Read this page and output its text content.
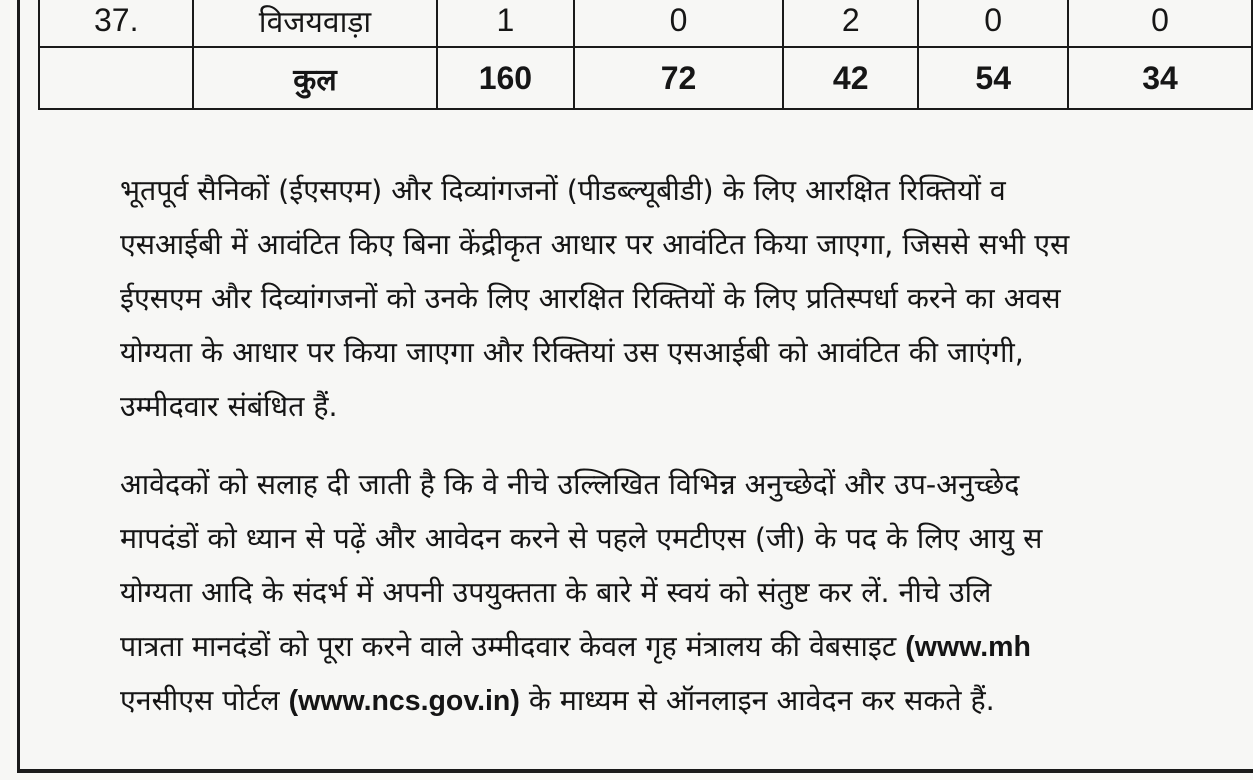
37.	विजयवाड़ा	1	0	2	0	0
	कुल	160	72	42	54	34
भूतपूर्व सैनिकों (ईएसएम) और दिव्यांगजनों (पीडब्ल्यूबीडी) के लिए आरक्षित रिक्तियों व
एसआईबी में आवंटित किए बिना केंद्रीकृत आधार पर आवंटित किया जाएगा, जिससे सभी एस
ईएसएम और दिव्यांगजनों को उनके लिए आरक्षित रिक्तियों के लिए प्रतिस्पर्धा करने का अवस
योग्यता के आधार पर किया जाएगा और रिक्तियां उस एसआईबी को आवंटित की जाएंगी,
उम्मीदवार संबंधित हैं.
आवेदकों को सलाह दी जाती है कि वे नीचे उल्लिखित विभिन्न अनुच्छेदों और उप-अनुच्छेद
मापदंडों को ध्यान से पढ़ें और आवेदन करने से पहले एमटीएस (जी) के पद के लिए आयु स
योग्यता आदि के संदर्भ में अपनी उपयुक्तता के बारे में स्वयं को संतुष्ट कर लें. नीचे उलि
पात्रता मानदंडों को पूरा करने वाले उम्मीदवार केवल गृह मंत्रालय की वेबसाइट (www.mh
एनसीएस पोर्टल (www.ncs.gov.in) के माध्यम से ऑनलाइन आवेदन कर सकते हैं.
